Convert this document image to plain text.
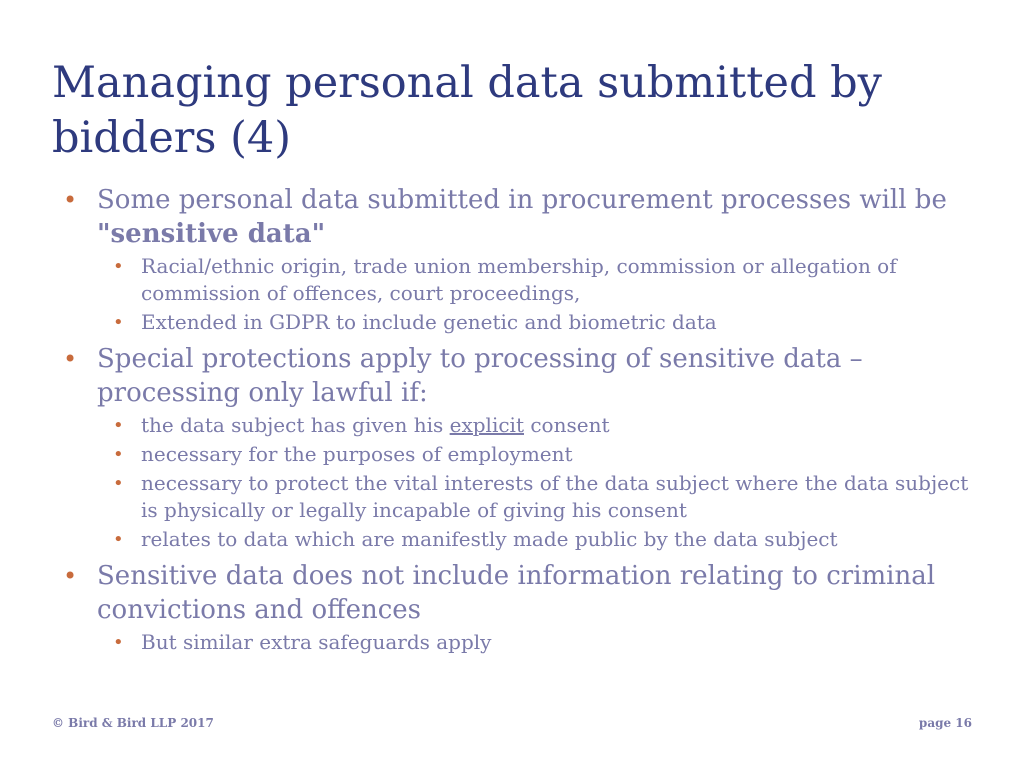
Managing personal data submitted by bidders (4)
• Some personal data submitted in procurement processes will be "sensitive data"
• Racial/ethnic origin, trade union membership, commission or allegation of commission of offences, court proceedings,
• Extended in GDPR to include genetic and biometric data
• Special protections apply to processing of sensitive data – processing only lawful if:
• the data subject has given his explicit consent
• necessary for the purposes of employment
• necessary to protect the vital interests of the data subject where the data subject is physically or legally incapable of giving his consent
• relates to data which are manifestly made public by the data subject
• Sensitive data does not include information relating to criminal convictions and offences
• But similar extra safeguards apply
© Bird & Bird LLP 2017	page 16
